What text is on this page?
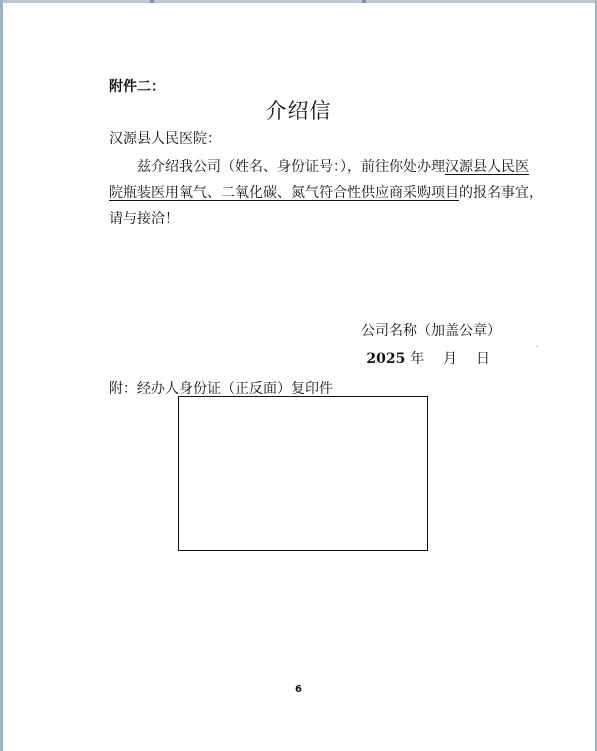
附件二：
介绍信
汉源县人民医院：
兹介绍我公司（姓名、身份证号：），前往你处办理汉源县人民医
院瓶装医用氧气、二氧化碳、氮气符合性供应商采购项目的报名事宜，
请与接洽！
公司名称（加盖公章）
2025 年 月 日
附：经办人身份证（正反面）复印件
6
